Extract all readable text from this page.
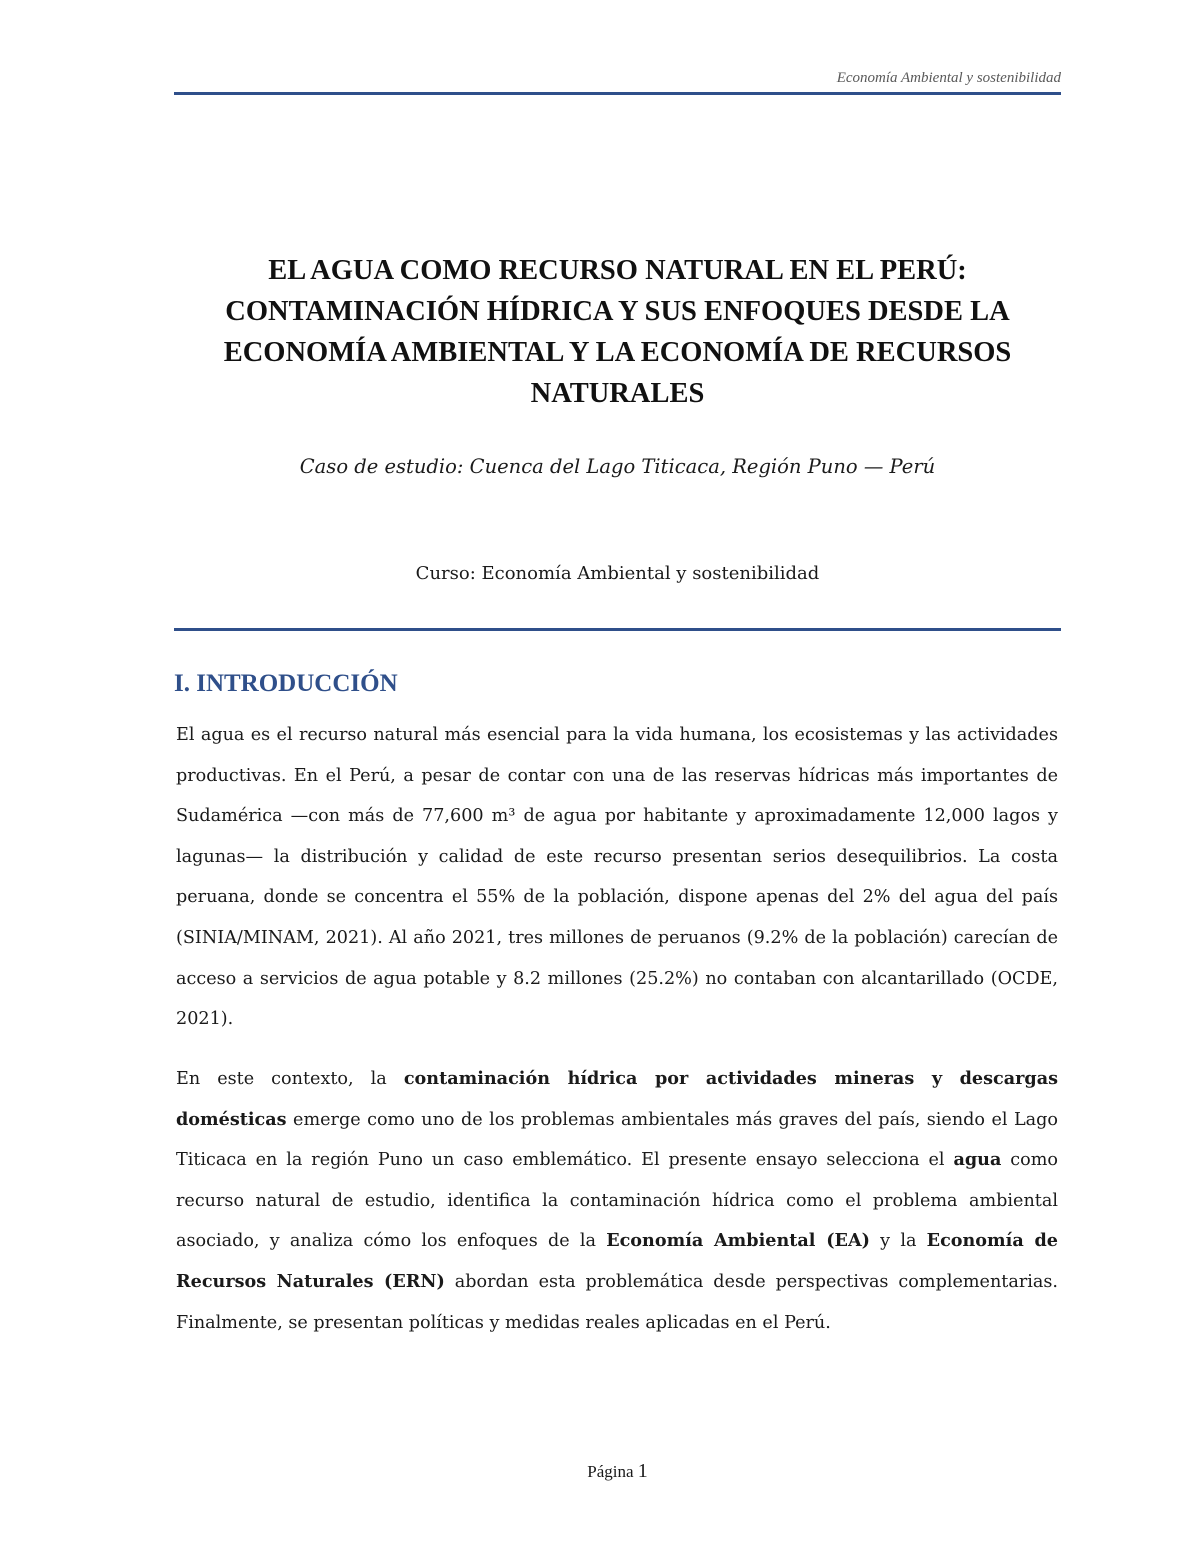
Economía Ambiental y sostenibilidad
EL AGUA COMO RECURSO NATURAL EN EL PERÚ:
CONTAMINACIÓN HÍDRICA Y SUS ENFOQUES DESDE LA
ECONOMÍA AMBIENTAL Y LA ECONOMÍA DE RECURSOS
NATURALES
Caso de estudio: Cuenca del Lago Titicaca, Región Puno — Perú
Curso: Economía Ambiental y sostenibilidad
I. INTRODUCCIÓN

El agua es el recurso natural más esencial para la vida humana, los ecosistemas y las actividades productivas. En el Perú, a pesar de contar con una de las reservas hídricas más importantes de Sudamérica —con más de 77,600 m³ de agua por habitante y aproximadamente 12,000 lagos y lagunas— la distribución y calidad de este recurso presentan serios desequilibrios. La costa peruana, donde se concentra el 55% de la población, dispone apenas del 2% del agua del país (SINIA/MINAM, 2021). Al año 2021, tres millones de peruanos (9.2% de la población) carecían de acceso a servicios de agua potable y 8.2 millones (25.2%) no contaban con alcantarillado (OCDE, 2021).

En este contexto, la contaminación hídrica por actividades mineras y descargas domésticas emerge como uno de los problemas ambientales más graves del país, siendo el Lago Titicaca en la región Puno un caso emblemático. El presente ensayo selecciona el agua como recurso natural de estudio, identifica la contaminación hídrica como el problema ambiental asociado, y analiza cómo los enfoques de la Economía Ambiental (EA) y la Economía de Recursos Naturales (ERN) abordan esta problemática desde perspectivas complementarias. Finalmente, se presentan políticas y medidas reales aplicadas en el Perú.

Página 1
